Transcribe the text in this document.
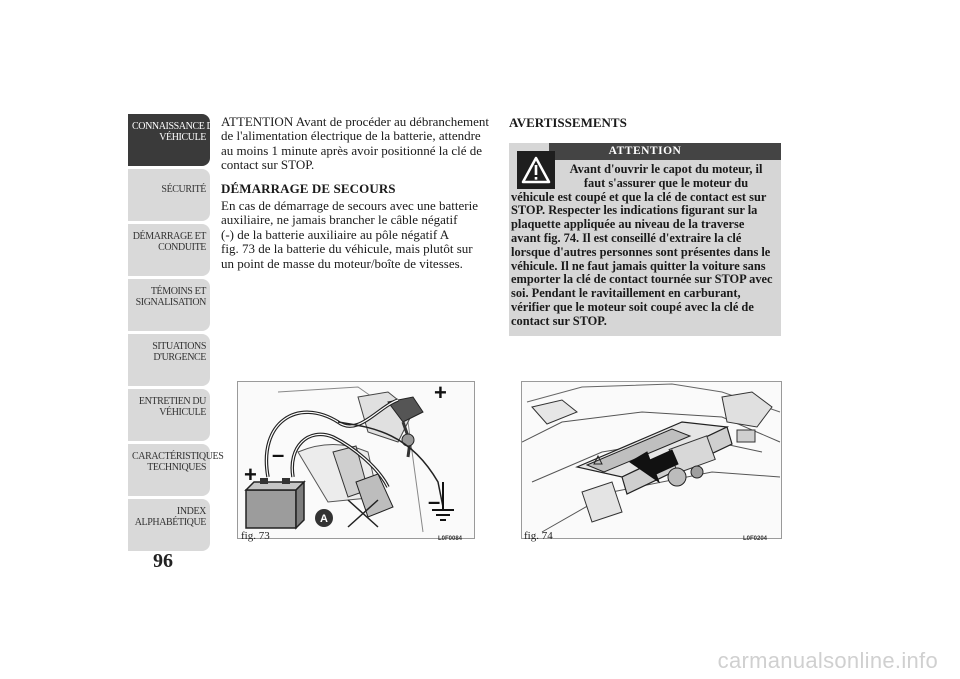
CONNAISSANCE DU
VÉHICULE
SÉCURITÉ
DÉMARRAGE ET
CONDUITE
TÉMOINS ET
SIGNALISATION
SITUATIONS
D'URGENCE
ENTRETIEN DU
VÉHICULE
CARACTÉRISTIQUES
TECHNIQUES
INDEX
ALPHABÉTIQUE
96

ATTENTION Avant de procéder au débranchement de l'alimentation électrique de la batterie, attendre au moins 1 minute après avoir positionné la clé de contact sur STOP.

DÉMARRAGE DE SECOURS
En cas de démarrage de secours avec une batterie
auxiliaire, ne jamais brancher le câble négatif
(-) de la batterie auxiliaire au pôle négatif A
fig. 73 de la batterie du véhicule, mais plutôt sur
un point de masse du moteur/boîte de vitesses.
AVERTISSEMENTS
ATTENTION
Avant d'ouvrir le capot du moteur, il
faut s'assurer que le moteur du
véhicule est coupé et que la clé de contact est sur STOP. Respecter les indications figurant sur la plaquette appliquée au niveau de la traverse avant fig. 74. Il est conseillé d'extraire la clé lorsque d'autres personnes sont présentes dans le véhicule. Il ne faut jamais quitter la voiture sans emporter la clé de contact tournée sur STOP avec soi. Pendant le ravitaillement en carburant, vérifier que le moteur soit coupé avec la clé de contact sur STOP.
A
+
+
–
–
fig. 73	L0F0084	fig. 74	L0F0204
carmanualsonline.info
